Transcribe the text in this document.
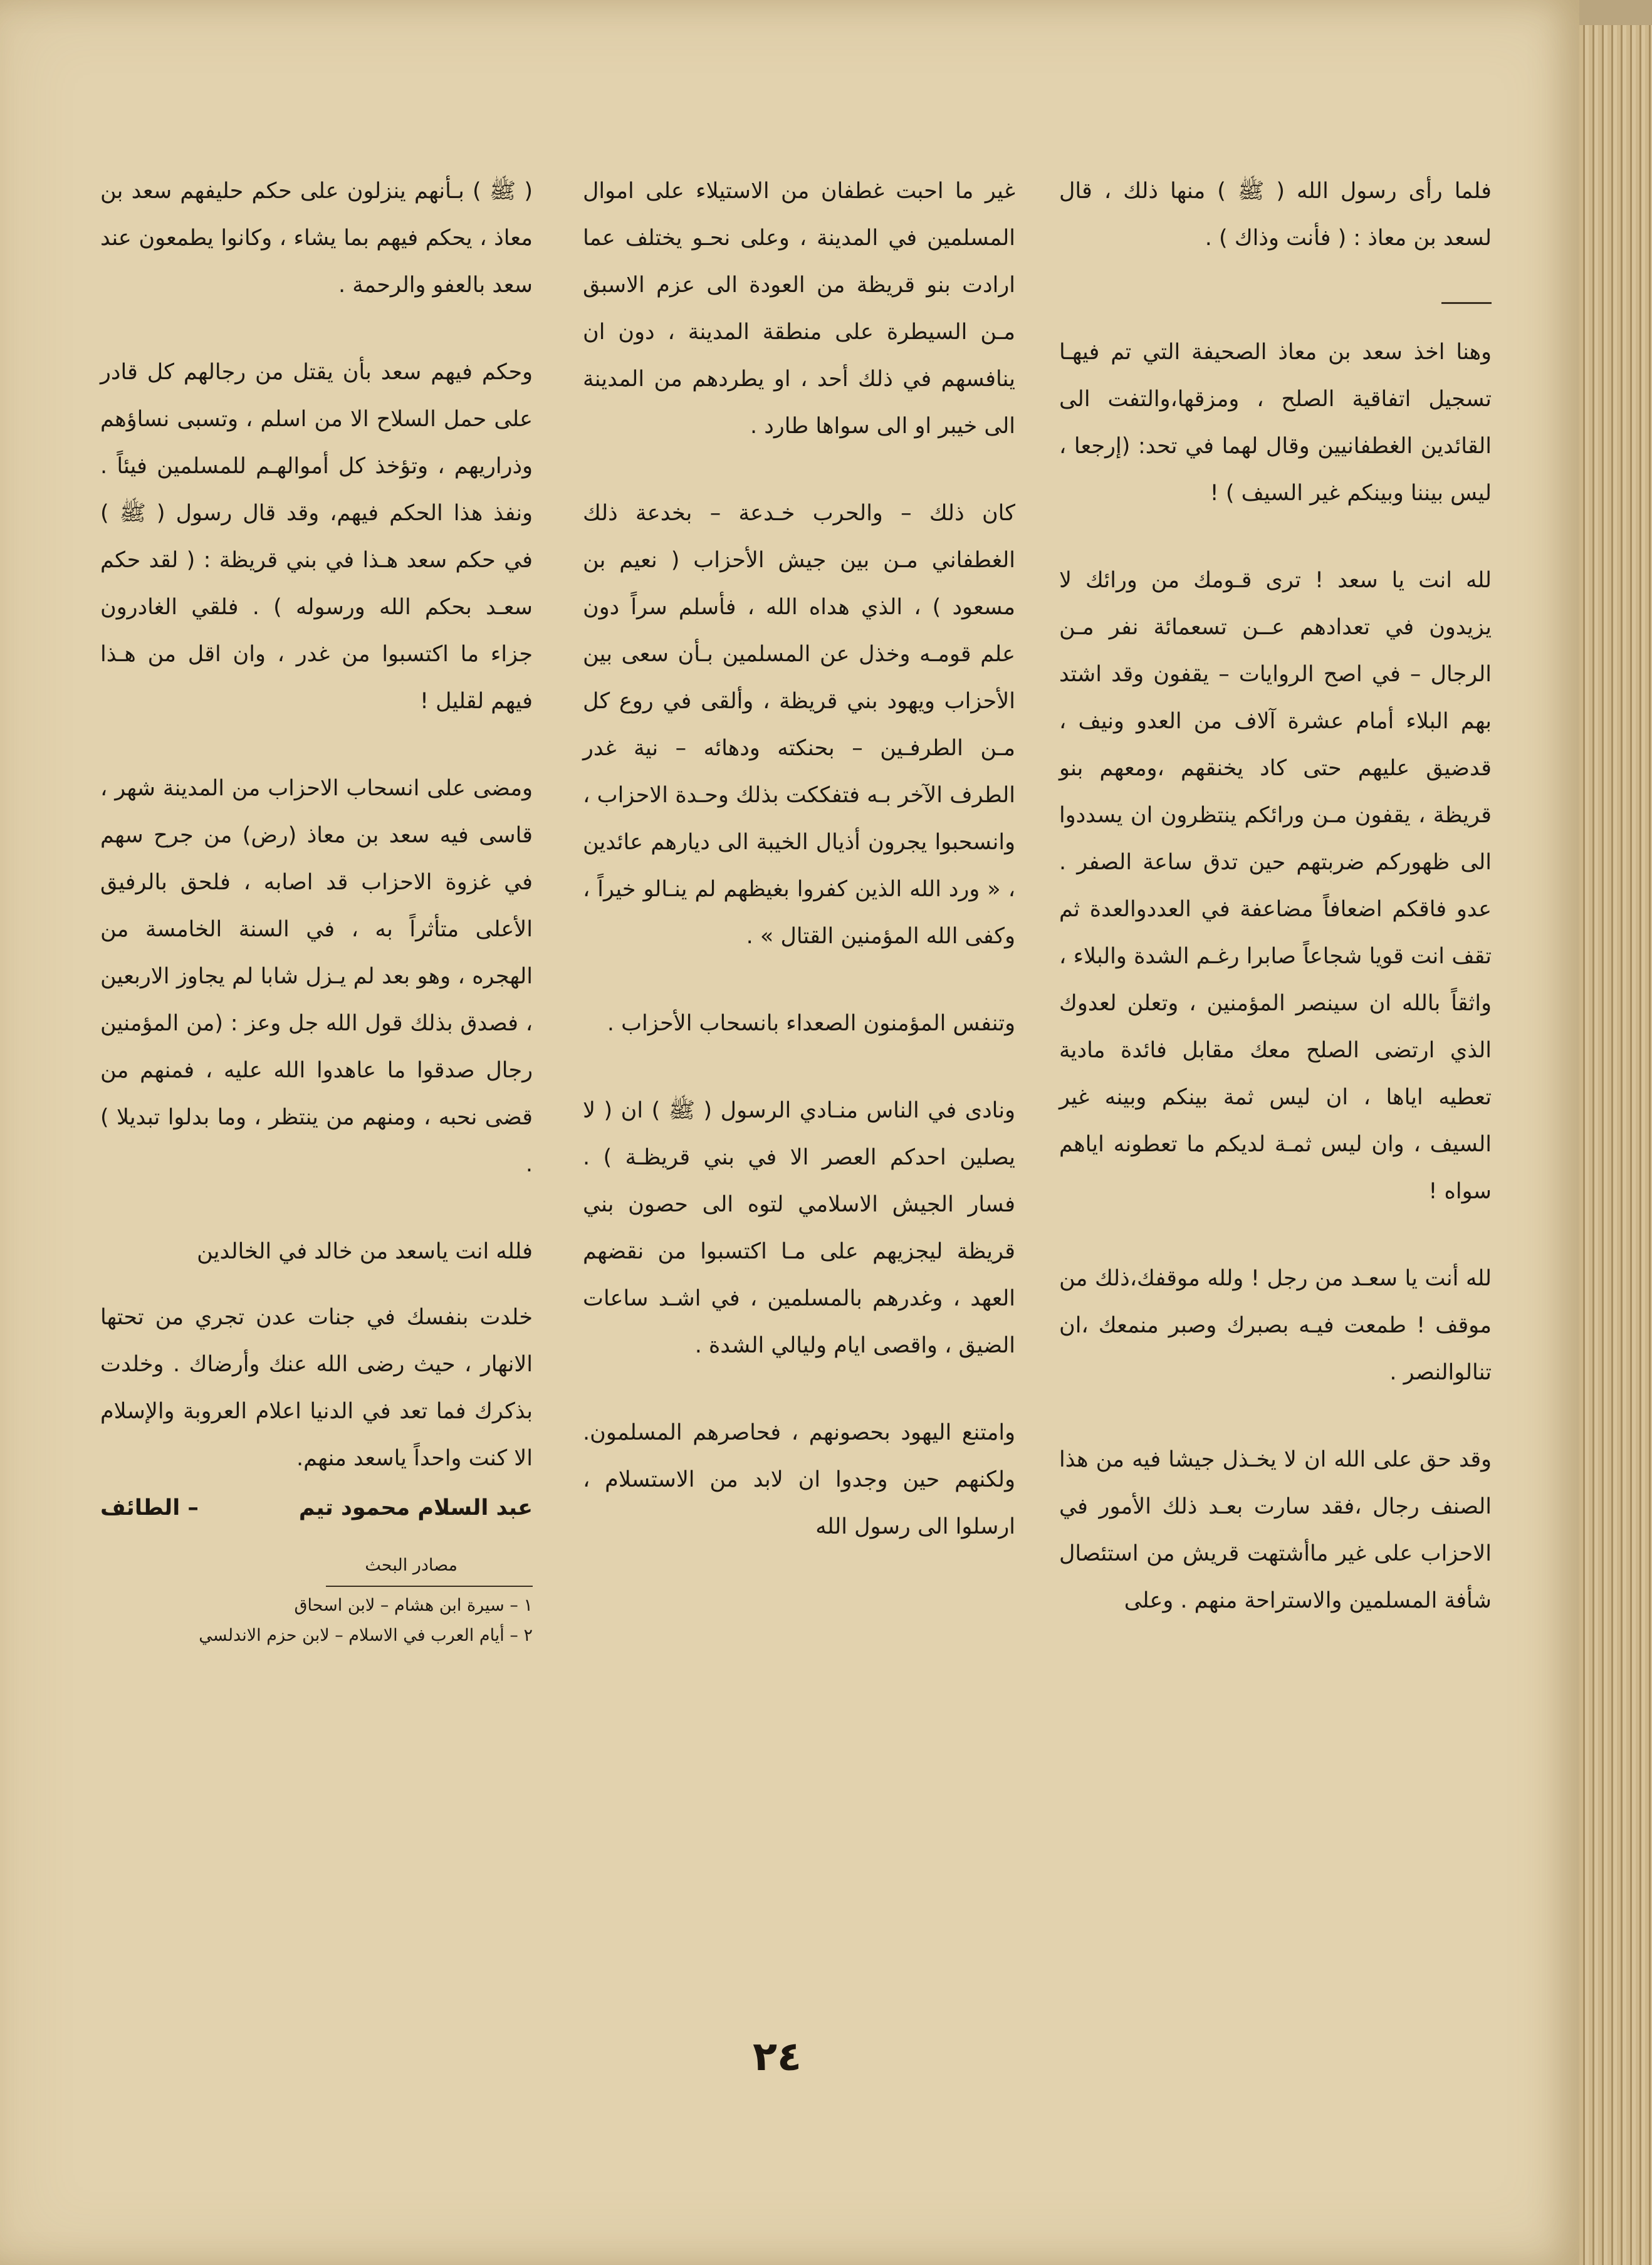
فلما رأى رسول الله ( ﷺ ) منها ذلك ، قال لسعد بن معاذ : ( فأنت وذاك ) .

وهنا اخذ سعد بن معاذ الصحيفة التي تم فيهـا تسجيل اتفاقية الصلح ، ومزقها،والتفت الى القائدين الغطفانيين وقال لهما في تحد: (إرجعا ، ليس بيننا وبينكم غير السيف ) !

لله انت يا سعد ! ترى قـومك من ورائك لا يزيدون في تعدادهم عــن تسعمائة نفر مـن الرجال – في اصح الروايات – يقفون وقد اشتد بهم البلاء أمام عشرة آلاف من العدو ونيف ، قدضيق عليهم حتى كاد يخنقهم ،ومعهم بنو قريظة ، يقفون مـن ورائكم ينتظرون ان يسددوا الى ظهوركم ضربتهم حين تدق ساعة الصفر . عدو فاقكم اضعافاً مضاعفة في العددوالعدة ثم تقف انت قويا شجاعاً صابرا رغـم الشدة والبلاء ، واثقاً بالله ان سينصر المؤمنين ، وتعلن لعدوك الذي ارتضى الصلح معك مقابل فائدة مادية تعطيه اياها ، ان ليس ثمة بينكم وبينه غير السيف ، وان ليس ثمـة لديكم ما تعطونه اياهم سواه !

لله أنت يا سعـد من رجل ! ولله موقفك،ذلك من موقف ! طمعت فيـه بصبرك وصبر منمعك ،ان تنالوالنصر .

وقد حق على الله ان لا يخـذل جيشا فيه من هذا الصنف رجال ،فقد سارت بعـد ذلك الأمور في الاحزاب على غير ماأشتهت قريش من استئصال شأفة المسلمين والاستراحة منهم . وعلى

غير ما احبت غطفان من الاستيلاء على اموال المسلمين في المدينة ، وعلى نحـو يختلف عما ارادت بنو قريظة من العودة الى عزم الاسبق مـن السيطرة على منطقة المدينة ، دون ان ينافسهم في ذلك أحد ، او يطردهم من المدينة الى خيبر او الى سواها طارد .

كان ذلك – والحرب خـدعة – بخدعة ذلك الغطفاني مـن بين جيش الأحزاب ( نعيم بن مسعود ) ، الذي هداه الله ، فأسلم سراً دون علم قومـه وخذل عن المسلمين بـأن سعى بين الأحزاب ويهود بني قريظة ، وألقى في روع كل مـن الطرفـين – بحنكته ودهائه – نية غدر الطرف الآخر بـه فتفككت بذلك وحـدة الاحزاب ، وانسحبوا يجرون أذيال الخيبة الى ديارهم عائدين ، « ورد الله الذين كفروا بغيظهم لم ينـالو خيراً ، وكفى الله المؤمنين القتال » .

وتنفس المؤمنون الصعداء بانسحاب الأحزاب .

ونادى في الناس منـادي الرسول ( ﷺ ) ان ( لا يصلين احدكم العصر الا في بني قريظـة ) . فسار الجيش الاسلامي لتوه الى حصون بني قريظة ليجزيهم على مـا اكتسبوا من نقضهم العهد ، وغدرهم بالمسلمين ، في اشـد ساعات الضيق ، واقصى ايام وليالي الشدة .

وامتنع اليهود بحصونهم ، فحاصرهم المسلمون. ولكنهم حين وجدوا ان لابد من الاستسلام ، ارسلوا الى رسول الله

( ﷺ ) بـأنهم ينزلون على حكم حليفهم سعد بن معاذ ، يحكم فيهم بما يشاء ، وكانوا يطمعون عند سعد بالعفو والرحمة .

وحكم فيهم سعد بأن يقتل من رجالهم كل قادر على حمل السلاح الا من اسلم ، وتسبى نساؤهم وذراريهم ، وتؤخذ كل أموالهـم للمسلمين فيئاً . ونفذ هذا الحكم فيهم، وقد قال رسول ( ﷺ ) في حكم سعد هـذا في بني قريظة : ( لقد حكم سعـد بحكم الله ورسوله ) . فلقي الغادرون جزاء ما اكتسبوا من غدر ، وان اقل من هـذا فيهم لقليل !

ومضى على انسحاب الاحزاب من المدينة شهر ، قاسى فيه سعد بن معاذ (رض) من جرح سهم في غزوة الاحزاب قد اصابه ، فلحق بالرفيق الأعلى متأثراً به ، في السنة الخامسة من الهجره ، وهو بعد لم يـزل شابا لم يجاوز الاربعين ، فصدق بذلك قول الله جل وعز : (من المؤمنين رجال صدقوا ما عاهدوا الله عليه ، فمنهم من قضى نحبه ، ومنهم من ينتظر ، وما بدلوا تبديلا ) .

فلله انت ياسعد من خالد في الخالدين

خلدت بنفسك في جنات عدن تجري من تحتها الانهار ، حيث رضى الله عنك وأرضاك . وخلدت بذكرك فما تعد في الدنيا اعلام العروبة والإسلام الا كنت واحداً ياسعد منهم.

عبد السلام محمود تيم
– الطائف

مصادر البحث

١ – سيرة ابن هشام – لابن اسحاق

٢ – أيام العرب في الاسلام – لابن حزم الاندلسي

٢٤
